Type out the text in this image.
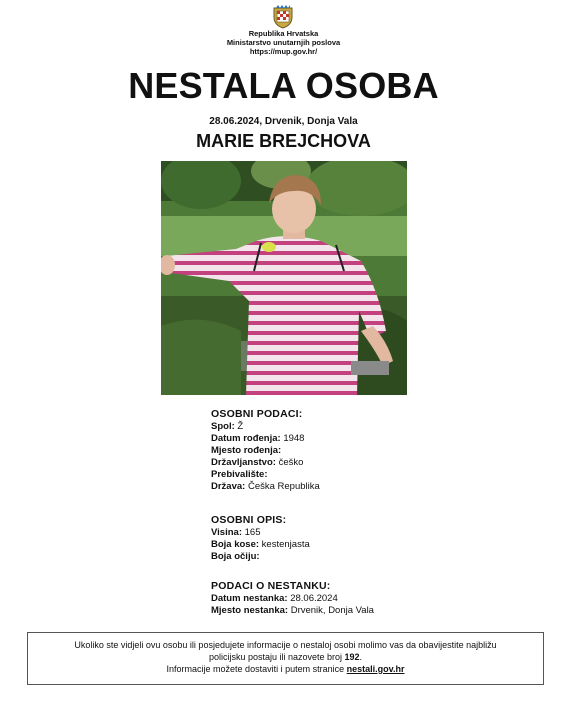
Republika Hrvatska
Ministarstvo unutarnjih poslova
https://mup.gov.hr/
NESTALA OSOBA
28.06.2024, Drvenik, Donja Vala
MARIE BREJCHOVA
OSOBNI PODACI:
Spol: Ž
Datum rođenja: 1948
Mjesto rođenja:
Državljanstvo: češko
Prebivalište:
Država: Češka Republika
OSOBNI OPIS:
Visina: 165
Boja kose: kestenjasta
Boja očiju:
PODACI O NESTANKU:
Datum nestanka: 28.06.2024
Mjesto nestanka: Drvenik, Donja Vala
Ukoliko ste vidjeli ovu osobu ili posjedujete informacije o nestaloj osobi molimo vas da obavijestite najbližu
policijsku postaju ili nazovete broj 192.
Informacije možete dostaviti i putem stranice nestali.gov.hr
